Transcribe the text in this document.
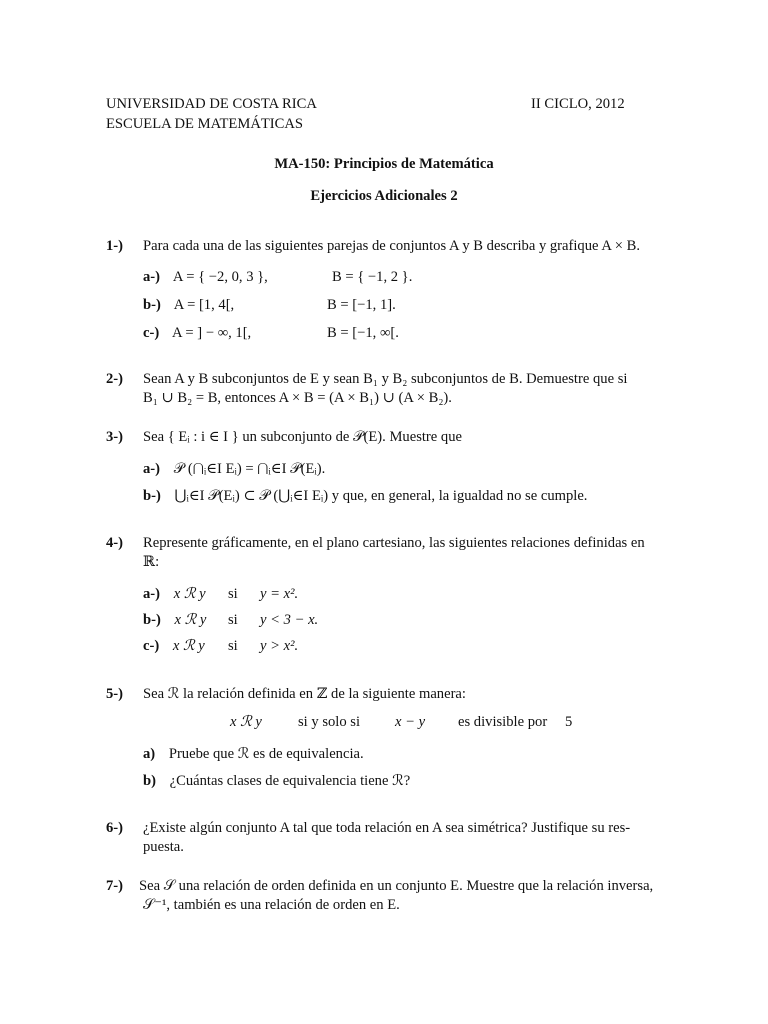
UNIVERSIDAD DE COSTA RICA
ESCUELA DE MATEMÁTICAS
II CICLO, 2012
MA-150: Principios de Matemática
Ejercicios Adicionales 2
1-) Para cada una de las siguientes parejas de conjuntos A y B describa y grafique A × B.
a-) A = { −2, 0, 3 },	B = { −1, 2 }.
b-) A = [1, 4[,	B = [−1, 1].
c-) A = ] − ∞, 1[,	B = [−1, ∞[.
2-) Sean A y B subconjuntos de E y sean B₁ y B₂ subconjuntos de B. Demuestre que si
B₁ ∪ B₂ = B, entonces A × B = (A × B₁) ∪ (A × B₂).
3-) Sea { Eᵢ : i ∈ I } un subconjunto de 𝒫(E). Muestre que
a-) 𝒫 (⋂ᵢ∈I Eᵢ) = ⋂ᵢ∈I 𝒫(Eᵢ).
b-) ⋃ᵢ∈I 𝒫(Eᵢ) ⊂ 𝒫 (⋃ᵢ∈I Eᵢ) y que, en general, la igualdad no se cumple.
4-) Represente gráficamente, en el plano cartesiano, las siguientes relaciones definidas en
ℝ:
a-) x ℛ y si y = x².
b-) x ℛ y si y < 3 − x.
c-) x ℛ y si y > x².
5-) Sea ℛ la relación definida en ℤ de la siguiente manera:
x ℛ y si y solo si x − y es divisible por 5
a) Pruebe que ℛ es de equivalencia.
b) ¿Cuántas clases de equivalencia tiene ℛ?
6-) ¿Existe algún conjunto A tal que toda relación en A sea simétrica? Justifique su res-
puesta.
7-) Sea 𝒮 una relación de orden definida en un conjunto E. Muestre que la relación inversa,
𝒮⁻¹, también es una relación de orden en E.
